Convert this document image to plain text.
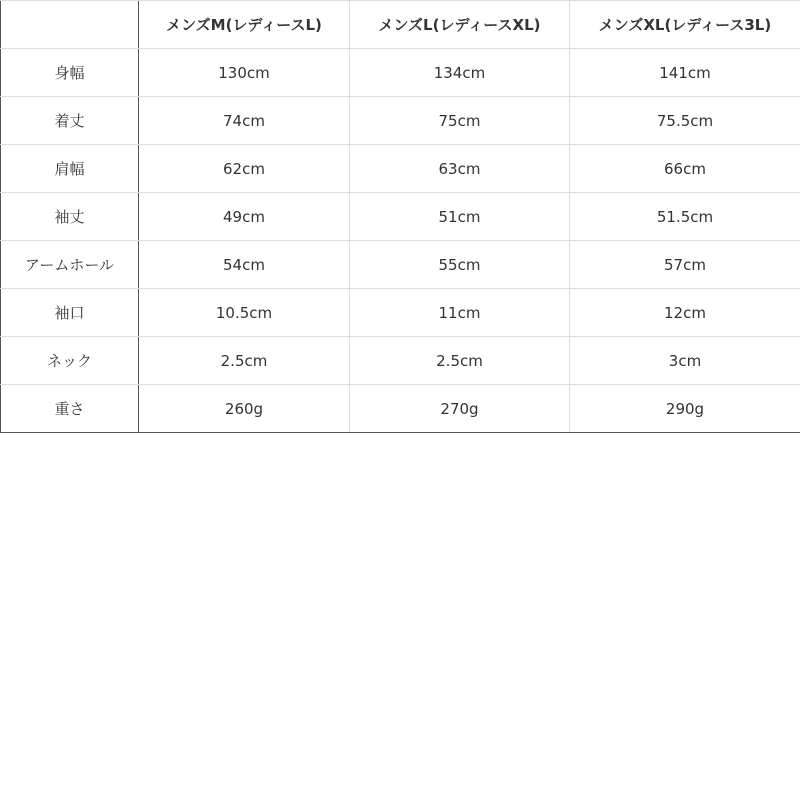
	メンズM(レディースL)	メンズL(レディースXL)	メンズXL(レディース3L)
身幅	130cm	134cm	141cm
着丈	74cm	75cm	75.5cm
肩幅	62cm	63cm	66cm
袖丈	49cm	51cm	51.5cm
アームホール	54cm	55cm	57cm
袖口	10.5cm	11cm	12cm
ネック	2.5cm	2.5cm	3cm
重さ	260g	270g	290g
